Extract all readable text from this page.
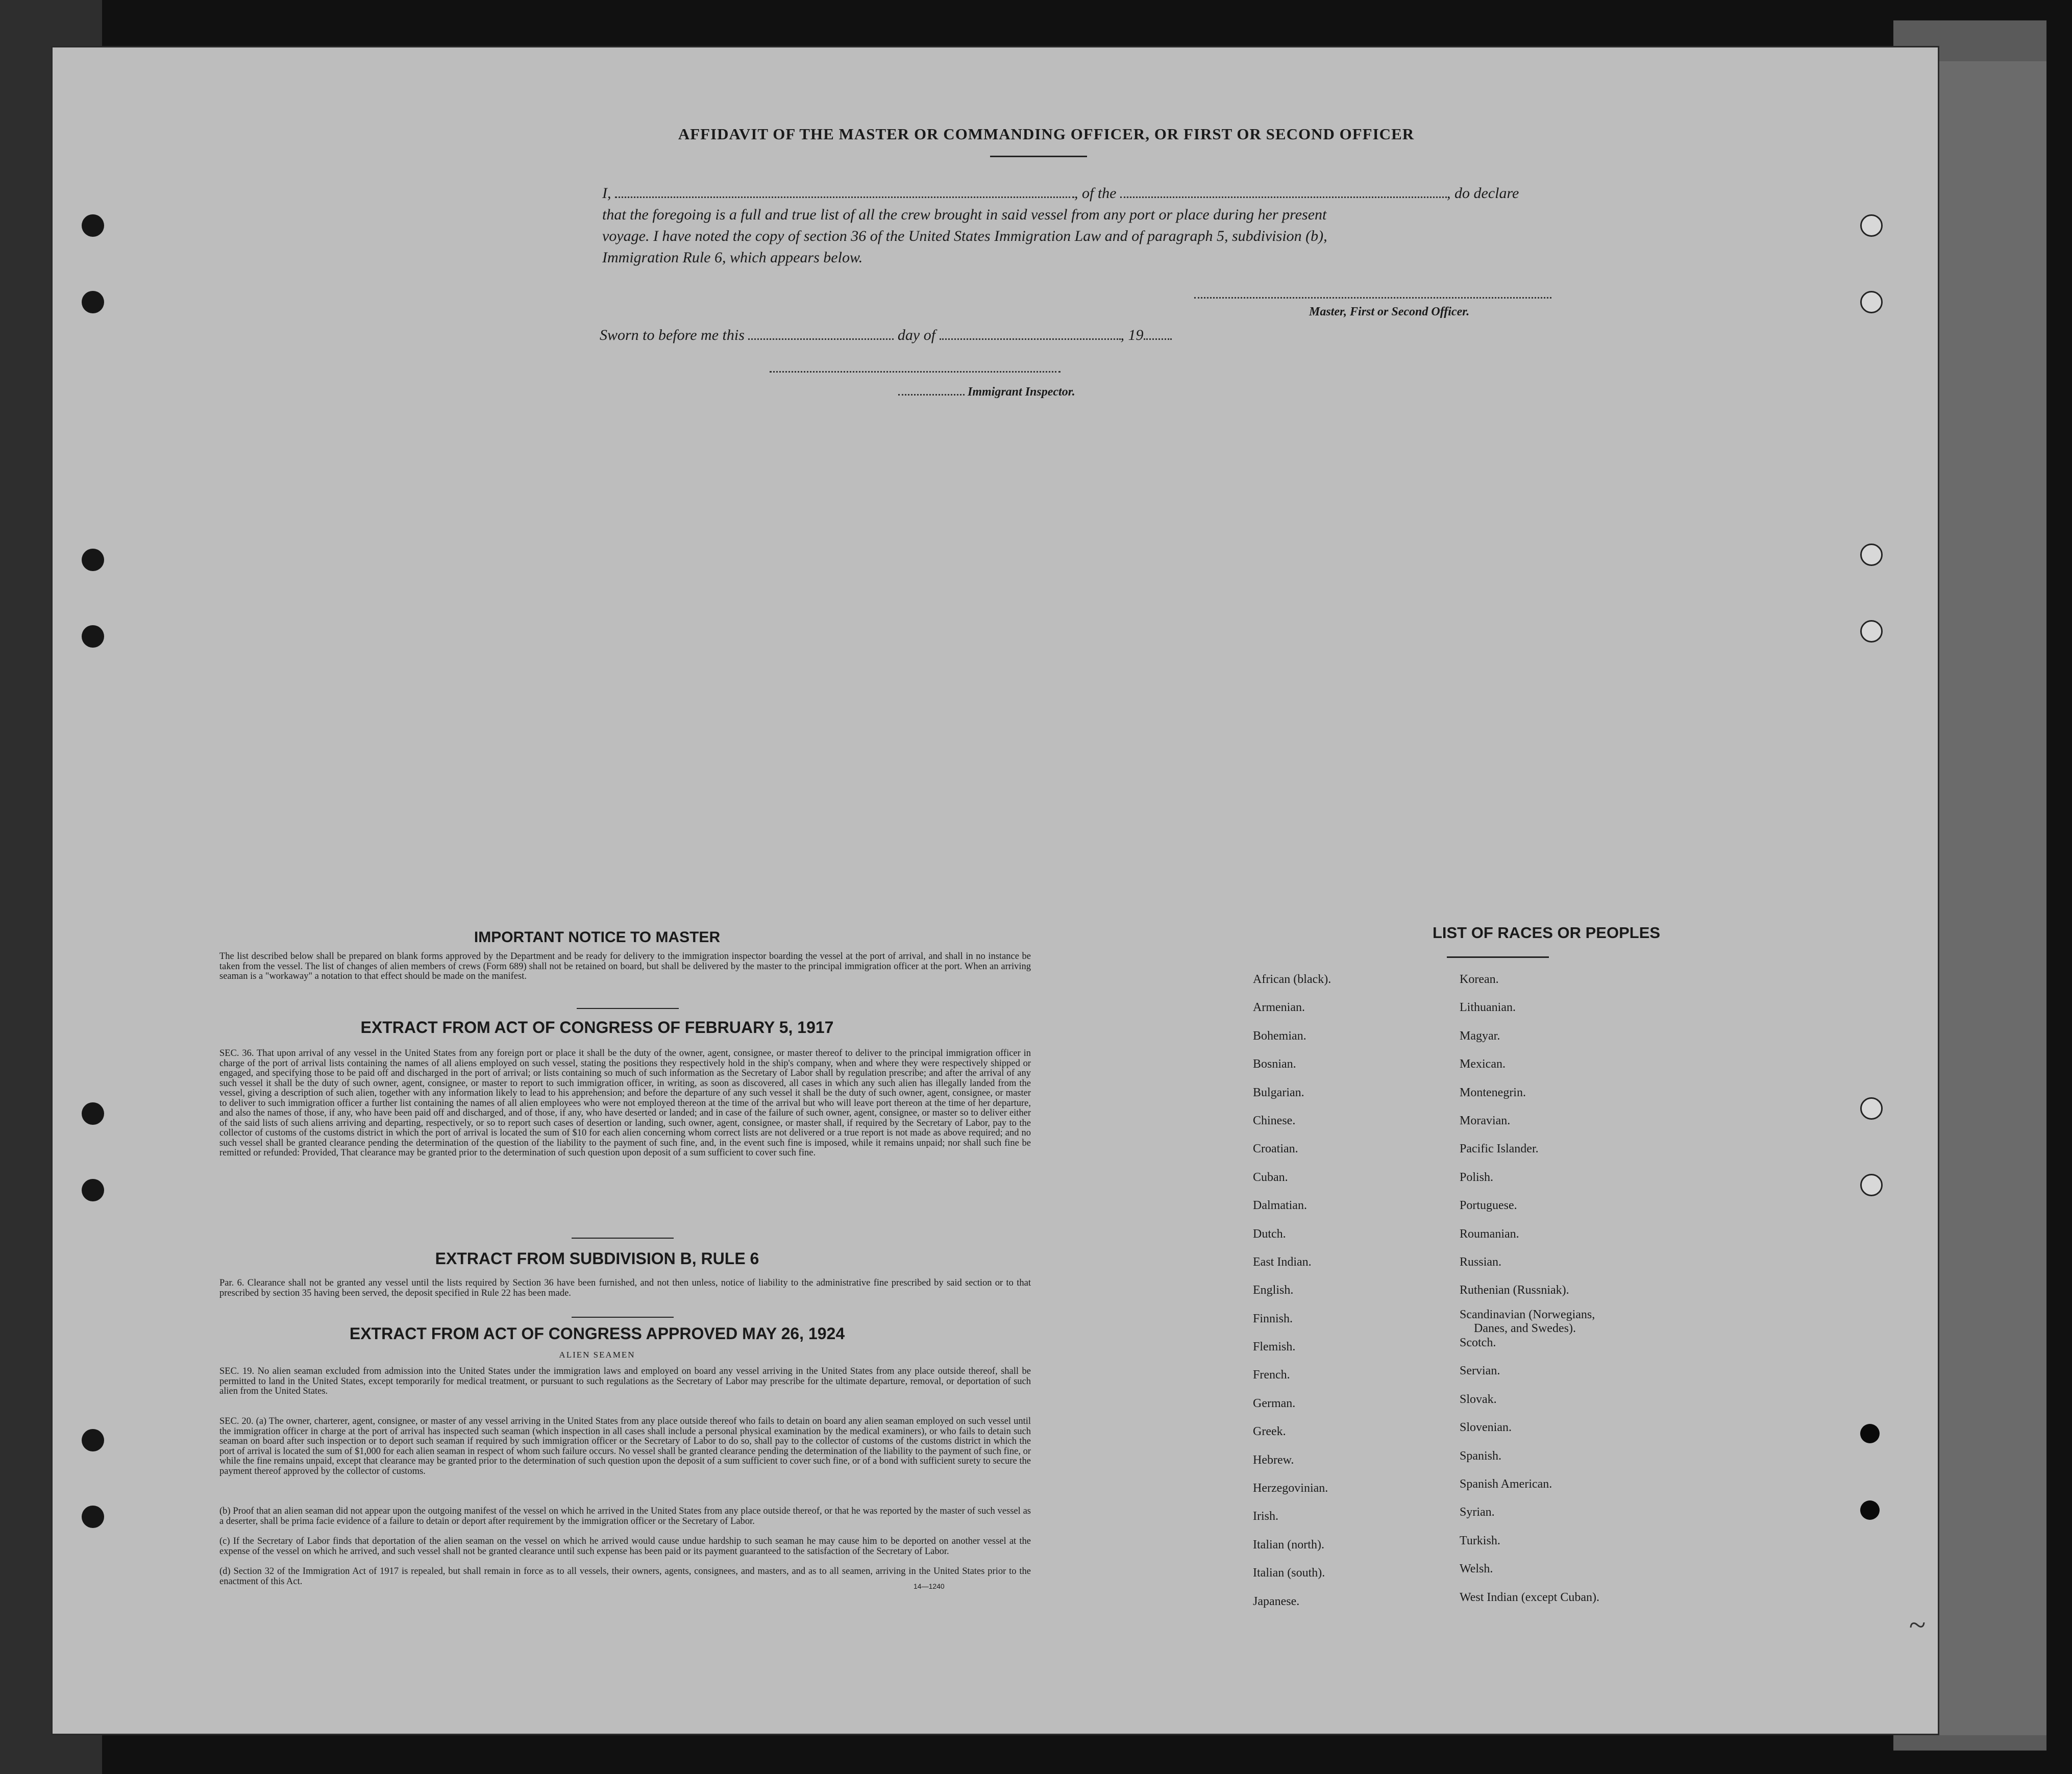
AFFIDAVIT OF THE MASTER OR COMMANDING OFFICER, OR FIRST OR SECOND OFFICER
I,	, of the	, do declare
that the foregoing is a full and true list of all the crew brought in said vessel from any port or place during her present
voyage. I have noted the copy of section 36 of the United States Immigration Law and of paragraph 5, subdivision (b),
Immigration Rule 6, which appears below.
Master, First or Second Officer.
Sworn to before me this	day of	, 19
Immigrant Inspector.
IMPORTANT NOTICE TO MASTER
The list described below shall be prepared on blank forms approved by the Department and be ready for delivery to the immigration inspector boarding the vessel at the port of arrival, and shall in no instance be taken from the vessel. The list of changes of alien members of crews (Form 689) shall not be retained on board, but shall be delivered by the master to the principal immigration officer at the port. When an arriving seaman is a "workaway" a notation to that effect should be made on the manifest.
EXTRACT FROM ACT OF CONGRESS OF FEBRUARY 5, 1917
SEC. 36. That upon arrival of any vessel in the United States from any foreign port or place it shall be the duty of the owner, agent, consignee, or master thereof to deliver to the principal immigration officer in charge of the port of arrival lists containing the names of all aliens employed on such vessel, stating the positions they respectively hold in the ship's company, when and where they were respectively shipped or engaged, and specifying those to be paid off and discharged in the port of arrival; or lists containing so much of such information as the Secretary of Labor shall by regulation prescribe; and after the arrival of any such vessel it shall be the duty of such owner, agent, consignee, or master to report to such immigration officer, in writing, as soon as discovered, all cases in which any such alien has illegally landed from the vessel, giving a description of such alien, together with any information likely to lead to his apprehension; and before the departure of any such vessel it shall be the duty of such owner, agent, consignee, or master to deliver to such immigration officer a further list containing the names of all alien employees who were not employed thereon at the time of the arrival but who will leave port thereon at the time of her departure, and also the names of those, if any, who have been paid off and discharged, and of those, if any, who have deserted or landed; and in case of the failure of such owner, agent, consignee, or master so to deliver either of the said lists of such aliens arriving and departing, respectively, or so to report such cases of desertion or landing, such owner, agent, consignee, or master shall, if required by the Secretary of Labor, pay to the collector of customs of the customs district in which the port of arrival is located the sum of $10 for each alien concerning whom correct lists are not delivered or a true report is not made as above required; and no such vessel shall be granted clearance pending the determination of the question of the liability to the payment of such fine, and, in the event such fine is imposed, while it remains unpaid; nor shall such fine be remitted or refunded: Provided, That clearance may be granted prior to the determination of such question upon deposit of a sum sufficient to cover such fine.
EXTRACT FROM SUBDIVISION B, RULE 6
Par. 6. Clearance shall not be granted any vessel until the lists required by Section 36 have been furnished, and not then unless, notice of liability to the administrative fine prescribed by said section or to that prescribed by section 35 having been served, the deposit specified in Rule 22 has been made.
EXTRACT FROM ACT OF CONGRESS APPROVED MAY 26, 1924
ALIEN SEAMEN
SEC. 19. No alien seaman excluded from admission into the United States under the immigration laws and employed on board any vessel arriving in the United States from any place outside thereof, shall be permitted to land in the United States, except temporarily for medical treatment, or pursuant to such regulations as the Secretary of Labor may prescribe for the ultimate departure, removal, or deportation of such alien from the United States.
SEC. 20. (a) The owner, charterer, agent, consignee, or master of any vessel arriving in the United States from any place outside thereof who fails to detain on board any alien seaman employed on such vessel until the immigration officer in charge at the port of arrival has inspected such seaman (which inspection in all cases shall include a personal physical examination by the medical examiners), or who fails to detain such seaman on board after such inspection or to deport such seaman if required by such immigration officer or the Secretary of Labor to do so, shall pay to the collector of customs of the customs district in which the port of arrival is located the sum of $1,000 for each alien seaman in respect of whom such failure occurs. No vessel shall be granted clearance pending the determination of the liability to the payment of such fine, or while the fine remains unpaid, except that clearance may be granted prior to the determination of such question upon the deposit of a sum sufficient to cover such fine, or of a bond with sufficient surety to secure the payment thereof approved by the collector of customs.
(b) Proof that an alien seaman did not appear upon the outgoing manifest of the vessel on which he arrived in the United States from any place outside thereof, or that he was reported by the master of such vessel as a deserter, shall be prima facie evidence of a failure to detain or deport after requirement by the immigration officer or the Secretary of Labor.
(c) If the Secretary of Labor finds that deportation of the alien seaman on the vessel on which he arrived would cause undue hardship to such seaman he may cause him to be deported on another vessel at the expense of the vessel on which he arrived, and such vessel shall not be granted clearance until such expense has been paid or its payment guaranteed to the satisfaction of the Secretary of Labor.
(d) Section 32 of the Immigration Act of 1917 is repealed, but shall remain in force as to all vessels, their owners, agents, consignees, and masters, and as to all seamen, arriving in the United States prior to the enactment of this Act.	14—1240
LIST OF RACES OR PEOPLES
African (black).
Armenian.
Bohemian.
Bosnian.
Bulgarian.
Chinese.
Croatian.
Cuban.
Dalmatian.
Dutch.
East Indian.
English.
Finnish.
Flemish.
French.
German.
Greek.
Hebrew.
Herzegovinian.
Irish.
Italian (north).
Italian (south).
Japanese.
Korean.
Lithuanian.
Magyar.
Mexican.
Montenegrin.
Moravian.
Pacific Islander.
Polish.
Portuguese.
Roumanian.
Russian.
Ruthenian (Russniak).
Scandinavian (Norwegians,
Danes, and Swedes).
Scotch.
Servian.
Slovak.
Slovenian.
Spanish.
Spanish American.
Syrian.
Turkish.
Welsh.
West Indian (except Cuban).
~
